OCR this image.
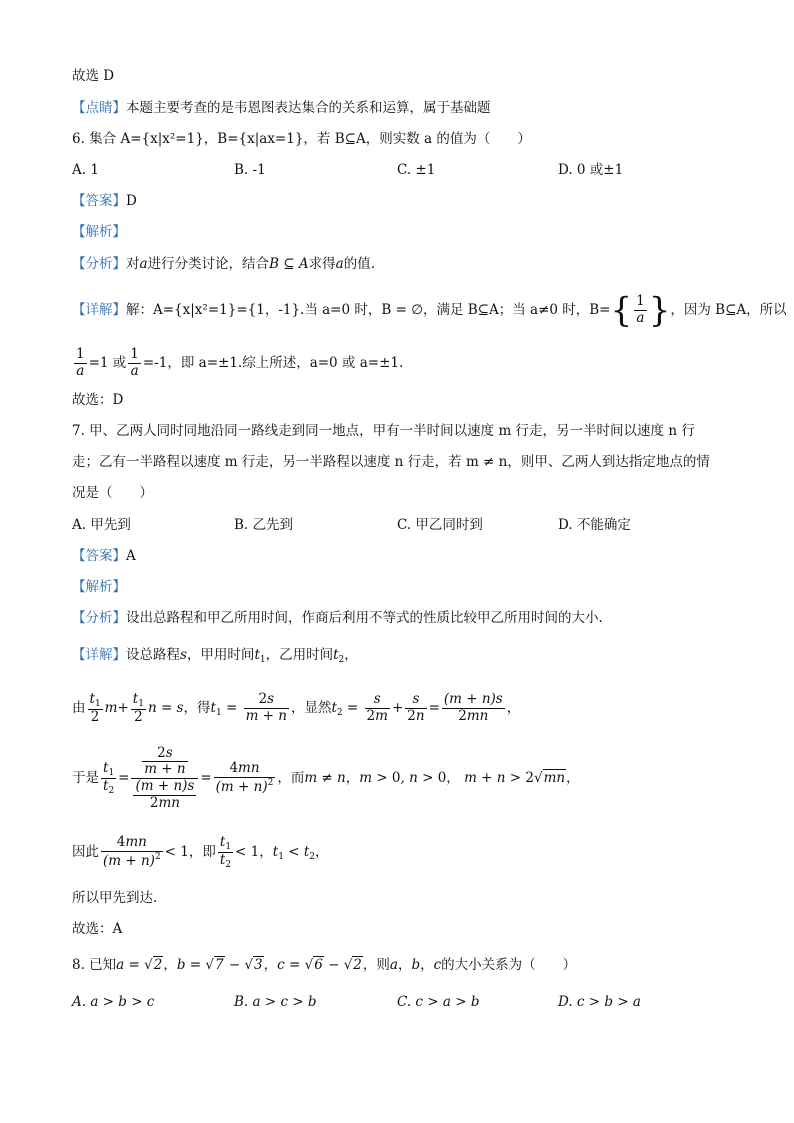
故选 D
【点睛】本题主要考查的是韦恩图表达集合的关系和运算，属于基础题
6. 集合 A={x|x²=1}，B={x|ax=1}，若 B⊆A，则实数 a 的值为（　　）
A. 1	B. -1	C. ±1	D. 0 或±1
【答案】D
【解析】
【分析】对a进行分类讨论，结合B ⊆ A求得a的值.
【详解】解：A={x|x²=1}={1，-1}.当 a=0 时，B = ∅，满足 B⊆A；当 a≠0 时，$B=\{ \frac{1}{a}$ }，因为 B⊆A，所以
$\frac{1}{a} =1$ 或 $\frac{1}{a} =-1$，即 a=±1.综上所述，a=0 或 a=±1.
故选：D
7. 甲、乙两人同时同地沿同一路线走到同一地点，甲有一半时间以速度 m 行走，另一半时间以速度 n 行
走；乙有一半路程以速度 m 行走，另一半路程以速度 n 行走，若 m ≠ n，则甲、乙两人到达指定地点的情
况是（　　）
A. 甲先到	B. 乙先到	C. 甲乙同时到	D. 不能确定
【答案】A
【解析】
【分析】设出总路程和甲乙所用时间，作商后利用不等式的性质比较甲乙所用时间的大小.
【详解】设总路程s，甲用时间$t_1$，乙用时间$t_2$，
由 $\frac{t_1}{2} m+ \frac{t_1}{2}$ n = s，得$t_1 = \frac{2s}{m + n}$ ，显然$t_2 = \frac{s}{2m} + \frac{s}{2n} = \frac{(m + n)s}{2mn}$ ，
于是 $\frac{t_1}{t_2} = \frac{\frac{2s}{m + n}}{\frac{(m + n)s}{2mn}} = \frac{4mn}{(m + n)^2}$ ，而m ≠ n，m > 0, n > 0， m + n > 2√mn，
因此 $\frac{4mn}{(m + n)^2} < 1$，即 $\frac{t_1}{t_2} < 1$，$t_1 < t_2$，
所以甲先到达.
故选：A
8. 已知a = √2，b = √7 − √3，c = √6 − √2，则a，b，c的大小关系为（　　）
A. a > b > c	B. a > c > b	C. c > a > b	D. c > b > a
